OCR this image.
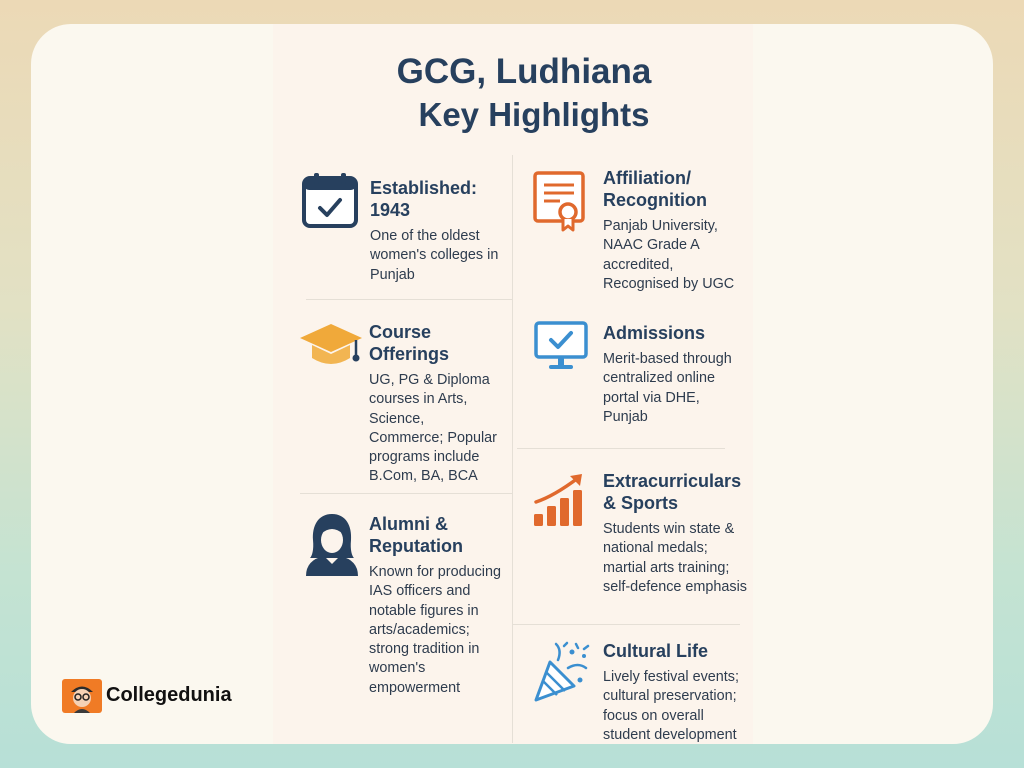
GCG, Ludhiana
Key Highlights
Established: 1943
One of the oldest women's colleges in Punjab
Affiliation/ Recognition
Panjab University, NAAC Grade A accredited, Recognised by UGC
Course Offerings
UG, PG & Diploma courses in Arts, Science, Commerce; Popular programs include B.Com, BA, BCA
Admissions
Merit-based through centralized online portal via DHE, Punjab
Extracurriculars & Sports
Students win state & national medals; martial arts training; self-defence emphasis
Alumni & Reputation
Known for producing IAS officers and notable figures in arts/academics; strong tradition in women's empowerment
Cultural Life
Lively festival events; cultural preservation; focus on overall student development
Collegedunia
